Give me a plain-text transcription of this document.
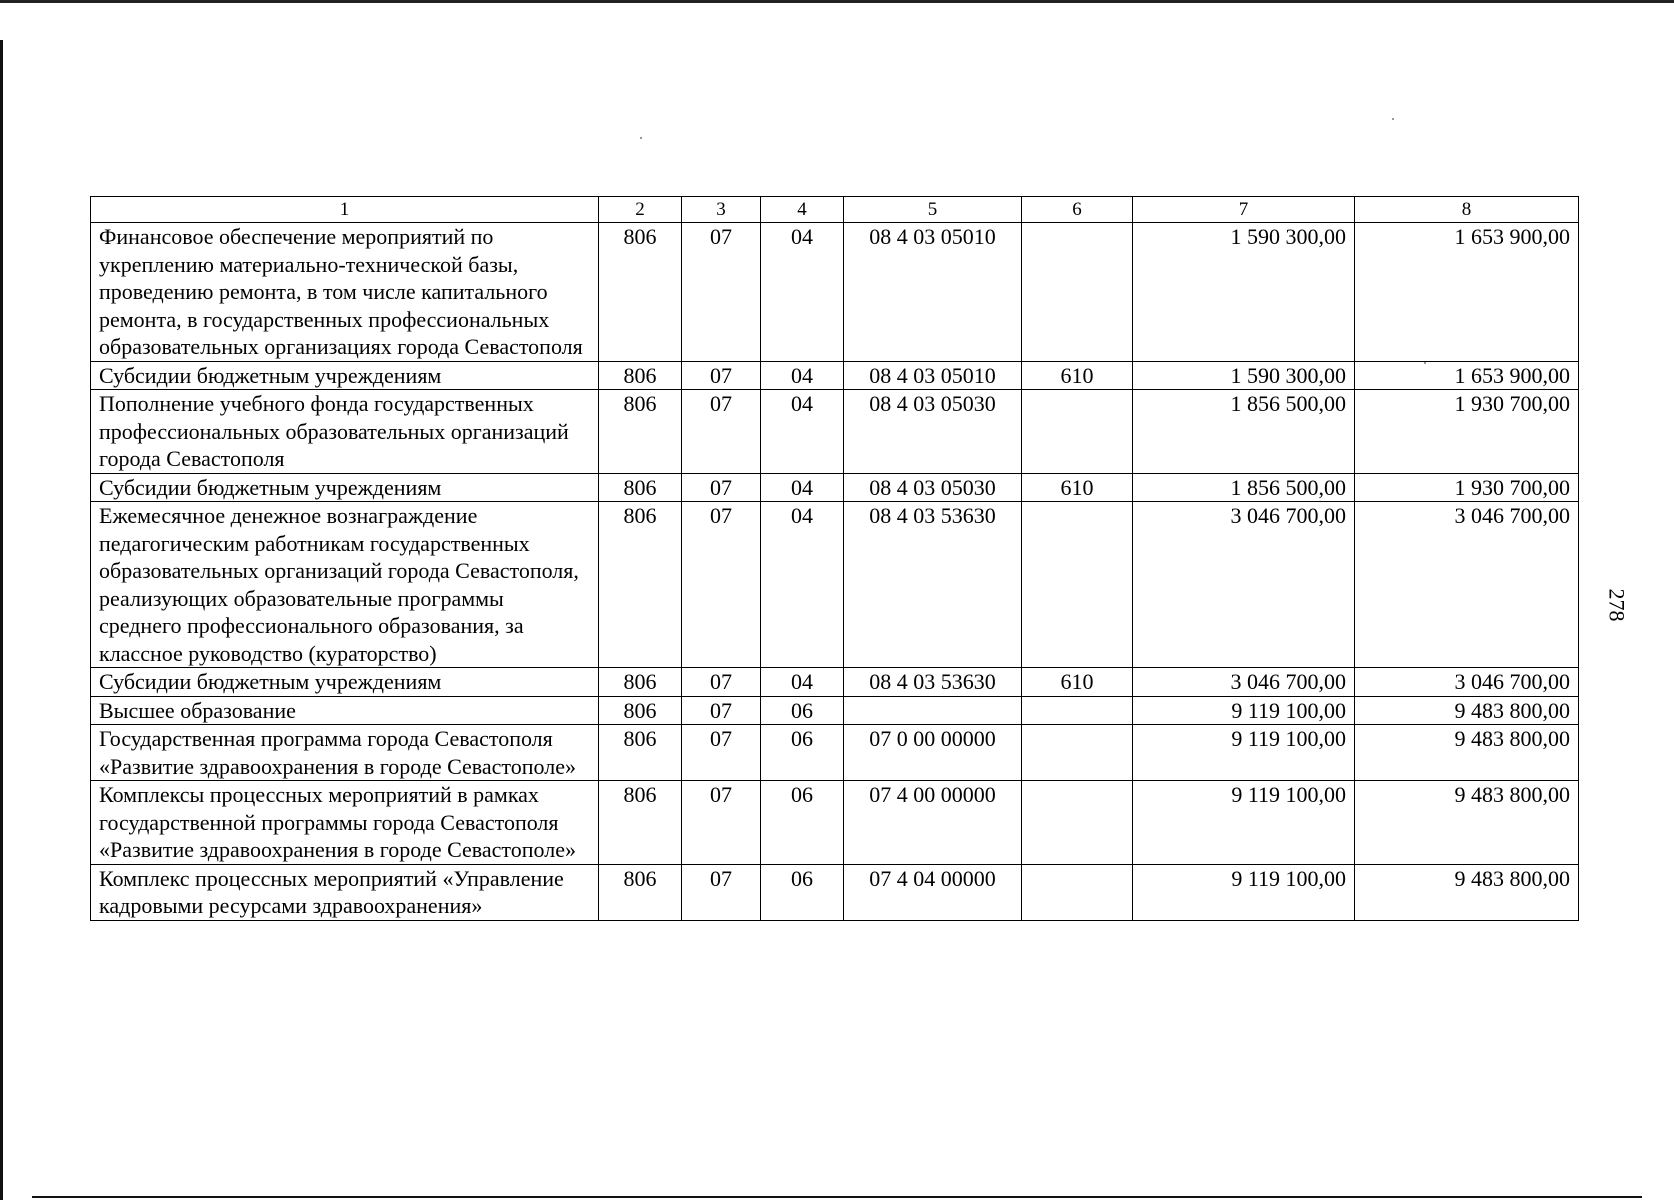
278
1	2	3	4	5	6	7	8
Финансовое обеспечение мероприятий по укреплению материально-технической базы, проведению ремонта, в том числе капитального ремонта, в государственных профессиональных образовательных организациях города Севастополя	806	07	04	08 4 03 05010		1 590 300,00	1 653 900,00
Субсидии бюджетным учреждениям	806	07	04	08 4 03 05010	610	1 590 300,00	1 653 900,00
Пополнение учебного фонда государственных профессиональных образовательных организаций города Севастополя	806	07	04	08 4 03 05030		1 856 500,00	1 930 700,00
Субсидии бюджетным учреждениям	806	07	04	08 4 03 05030	610	1 856 500,00	1 930 700,00
Ежемесячное денежное вознаграждение педагогическим работникам государственных образовательных организаций города Севастополя, реализующих образовательные программы среднего профессионального образования, за классное руководство (кураторство)	806	07	04	08 4 03 53630		3 046 700,00	3 046 700,00
Субсидии бюджетным учреждениям	806	07	04	08 4 03 53630	610	3 046 700,00	3 046 700,00
Высшее образование	806	07	06			9 119 100,00	9 483 800,00
Государственная программа города Севастополя «Развитие здравоохранения в городе Севастополе»	806	07	06	07 0 00 00000		9 119 100,00	9 483 800,00
Комплексы процессных мероприятий в рамках государственной программы города Севастополя «Развитие здравоохранения в городе Севастополе»	806	07	06	07 4 00 00000		9 119 100,00	9 483 800,00
Комплекс процессных мероприятий «Управление кадровыми ресурсами здравоохранения»	806	07	06	07 4 04 00000		9 119 100,00	9 483 800,00
